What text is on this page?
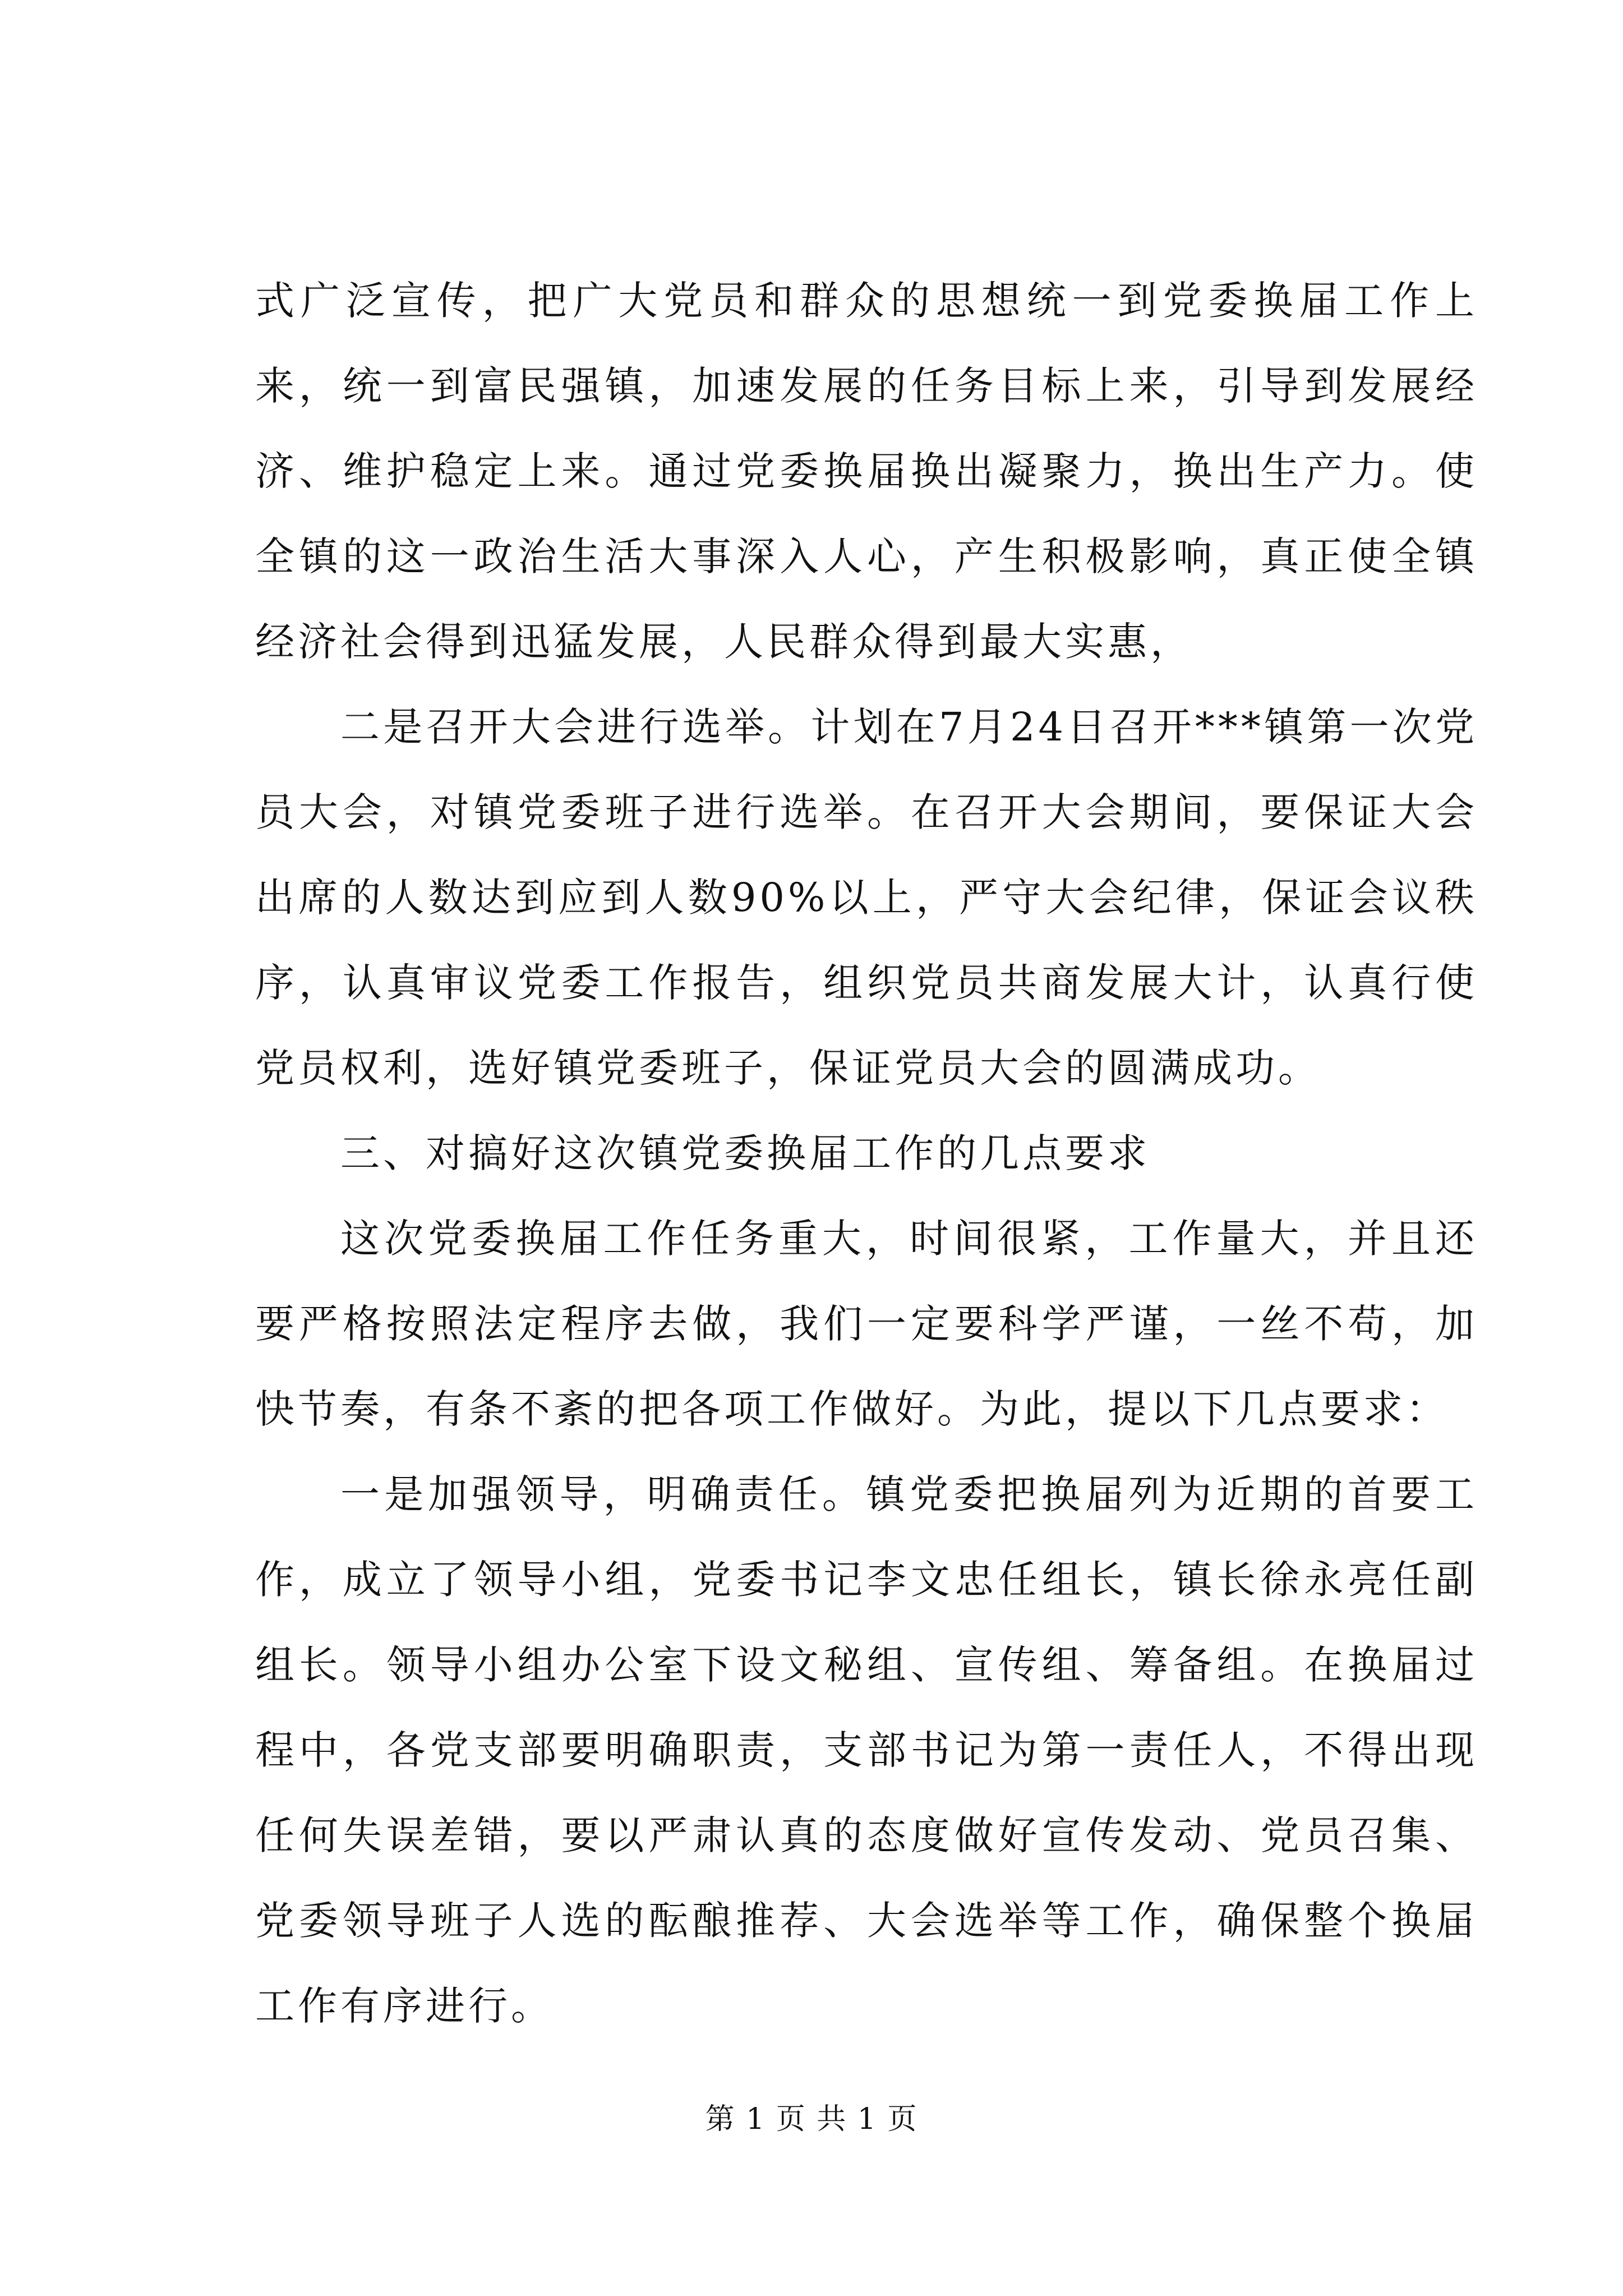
式广泛宣传，把广大党员和群众的思想统一到党委换届工作上来，统一到富民强镇，加速发展的任务目标上来，引导到发展经济、维护稳定上来。通过党委换届换出凝聚力，换出生产力。使全镇的这一政治生活大事深入人心，产生积极影响，真正使全镇经济社会得到迅猛发展，人民群众得到最大实惠，

二是召开大会进行选举。计划在7月24日召开***镇第一次党员大会，对镇党委班子进行选举。在召开大会期间，要保证大会出席的人数达到应到人数90%以上，严守大会纪律，保证会议秩序，认真审议党委工作报告，组织党员共商发展大计，认真行使党员权利，选好镇党委班子，保证党员大会的圆满成功。

三、对搞好这次镇党委换届工作的几点要求

这次党委换届工作任务重大，时间很紧，工作量大，并且还要严格按照法定程序去做，我们一定要科学严谨，一丝不苟，加快节奏，有条不紊的把各项工作做好。为此，提以下几点要求：

一是加强领导，明确责任。镇党委把换届列为近期的首要工作，成立了领导小组，党委书记李文忠任组长，镇长徐永亮任副组长。领导小组办公室下设文秘组、宣传组、筹备组。在换届过程中，各党支部要明确职责，支部书记为第一责任人，不得出现任何失误差错，要以严肃认真的态度做好宣传发动、党员召集、党委领导班子人选的酝酿推荐、大会选举等工作，确保整个换届工作有序进行。

第 1 页 共 1 页
